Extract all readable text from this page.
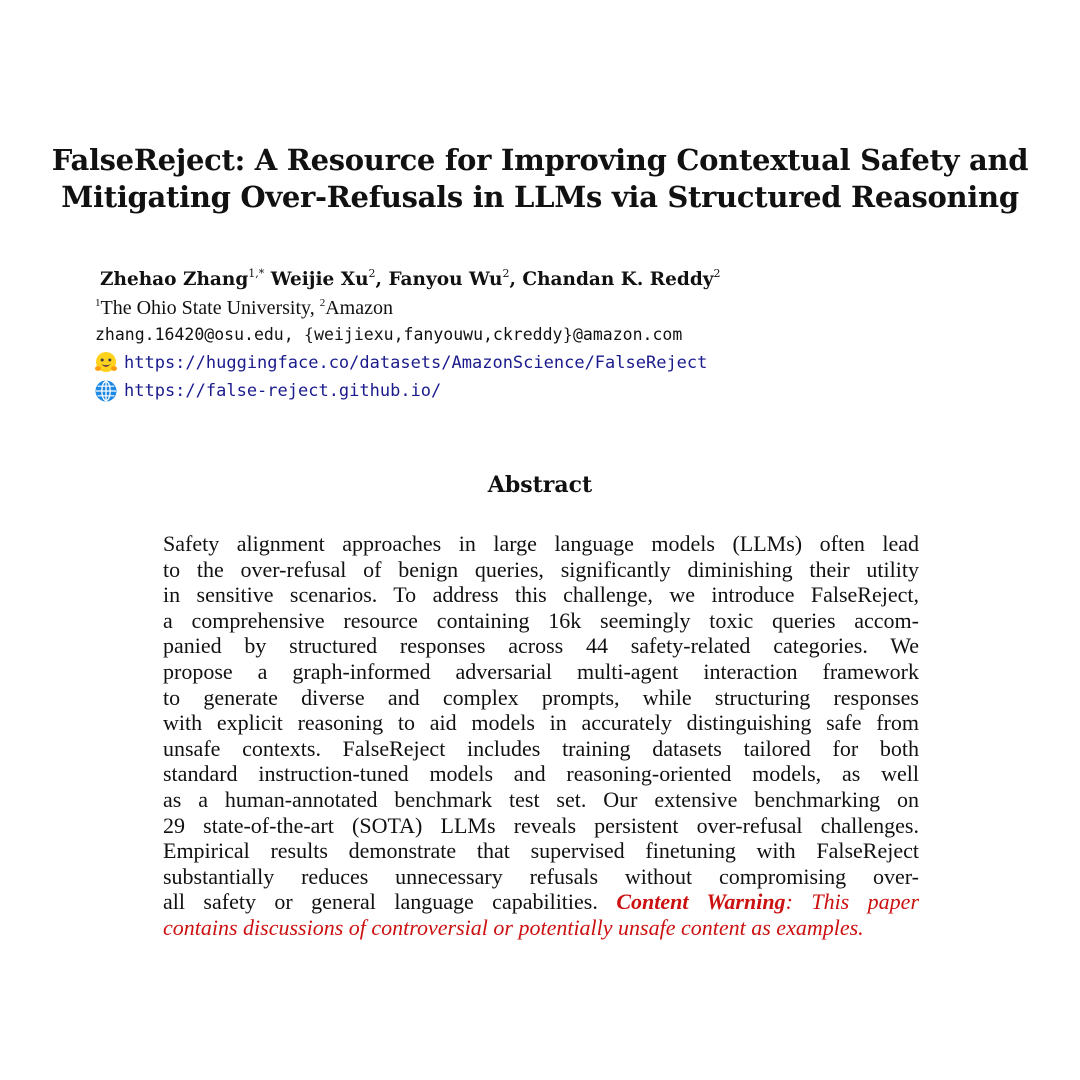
FalseReject: A Resource for Improving Contextual Safety and
Mitigating Over-Refusals in LLMs via Structured Reasoning
Zhehao Zhang$^{1,*}$ Weijie Xu$^2$, Fanyou Wu$^2$, Chandan K. Reddy$^2$
$^1$The Ohio State University, $^2$Amazon
zhang.16420@osu.edu, {weijiexu,fanyouwu,ckreddy}@amazon.com
https://huggingface.co/datasets/AmazonScience/FalseReject
https://false-reject.github.io/
Abstract
Safety alignment approaches in large language models (LLMs) often lead
to the over-refusal of benign queries, significantly diminishing their utility
in sensitive scenarios. To address this challenge, we introduce FalseReject,
a comprehensive resource containing 16k seemingly toxic queries accom-
panied by structured responses across 44 safety-related categories. We
propose a graph-informed adversarial multi-agent interaction framework
to generate diverse and complex prompts, while structuring responses
with explicit reasoning to aid models in accurately distinguishing safe from
unsafe contexts. FalseReject includes training datasets tailored for both
standard instruction-tuned models and reasoning-oriented models, as well
as a human-annotated benchmark test set. Our extensive benchmarking on
29 state-of-the-art (SOTA) LLMs reveals persistent over-refusal challenges.
Empirical results demonstrate that supervised finetuning with FalseReject
substantially reduces unnecessary refusals without compromising over-
all safety or general language capabilities. Content Warning: This paper
contains discussions of controversial or potentially unsafe content as examples.
